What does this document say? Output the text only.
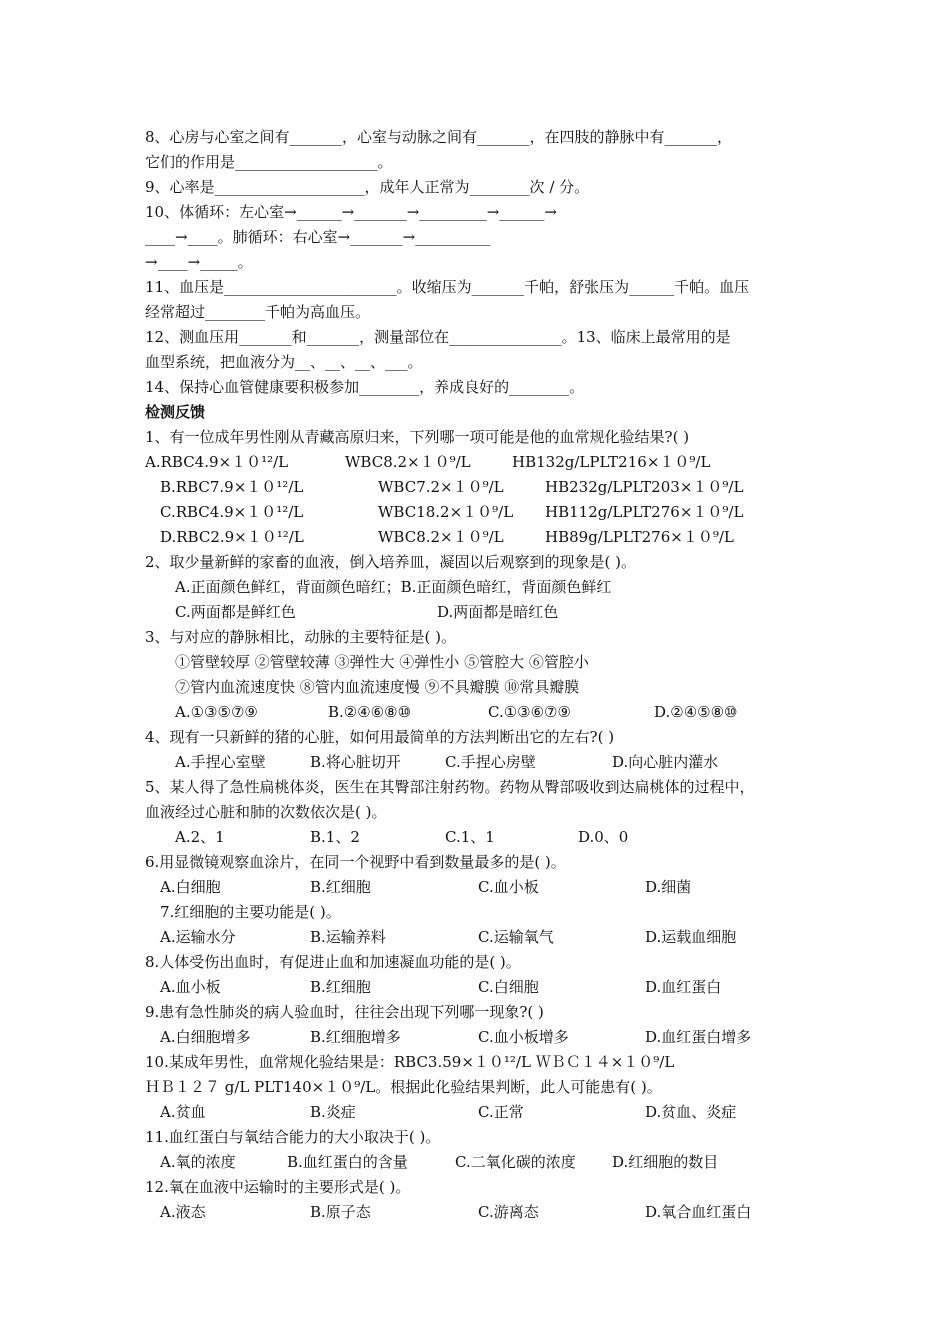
8、心房与心室之间有_______，心室与动脉之间有_______，在四肢的静脉中有_______，
它们的作用是___________________。
9、心率是____________________，成年人正常为________次 / 分。
10、体循环：左心室→______→_______→_________→______→
____→____。肺循环：右心室→_______→__________
→____→_____。
11、血压是_______________________。收缩压为_______千帕，舒张压为______千帕。血压
经常超过________千帕为高血压。
12、测血压用_______和_______，测量部位在_______________。13、临床上最常用的是
血型系统，把血液分为__、__、__、___。
14、保持心血管健康要积极参加________，养成良好的________。
检测反馈
1、有一位成年男性刚从青藏高原归来，下列哪一项可能是他的血常规化验结果?( )
A.RBC4.9×１０¹²/L	WBC8.2×１０⁹/L	HB132g/LPLT216×１０⁹/L
B.RBC7.9×１０¹²/L	WBC7.2×１０⁹/L	HB232g/LPLT203×１０⁹/L
C.RBC4.9×１０¹²/L	WBC18.2×１０⁹/L HB112g/LPLT276×１０⁹/L
D.RBC2.9×１０¹²/L	WBC8.2×１０⁹/L	HB89g/LPLT276×１０⁹/L
2、取少量新鲜的家畜的血液，倒入培养皿，凝固以后观察到的现象是( )。
A.正面颜色鲜红，背面颜色暗红；B.正面颜色暗红，背面颜色鲜红
C.两面都是鲜红色	D.两面都是暗红色
3、与对应的静脉相比，动脉的主要特征是( )。
①管壁较厚 ②管壁较薄 ③弹性大 ④弹性小 ⑤管腔大 ⑥管腔小
⑦管内血流速度快 ⑧管内血流速度慢 ⑨不具瓣膜 ⑩常具瓣膜
A.①③⑤⑦⑨	B.②④⑥⑧⑩	C.①③⑥⑦⑨	D.②④⑤⑧⑩
4、现有一只新鲜的猪的心脏，如何用最简单的方法判断出它的左右?( )
A.手捏心室壁	B.将心脏切开	C.手捏心房壁	D.向心脏内灌水
5、某人得了急性扁桃体炎，医生在其臀部注射药物。药物从臀部吸收到达扁桃体的过程中，
血液经过心脏和肺的次数依次是( )。
A.2、1	B.1、2	C.1、1	D.0、0
6.用显微镜观察血涂片，在同一个视野中看到数量最多的是( )。
A.白细胞	B.红细胞	C.血小板	D.细菌
7.红细胞的主要功能是( )。
A.运输水分	B.运输养料	C.运输氧气	D.运载血细胞
8.人体受伤出血时，有促进止血和加速凝血功能的是( )。
A.血小板	B.红细胞	C.白细胞	D.血红蛋白
9.患有急性肺炎的病人验血时，往往会出现下列哪一现象?( )
A.白细胞增多	B.红细胞增多	C.血小板增多	D.血红蛋白增多
10.某成年男性，血常规化验结果是：RBC3.59×１０¹²/L ＷＢＣ１４×１０⁹/L
ＨＢ１２７ g/L PLT140×１０⁹/L。根据此化验结果判断，此人可能患有( )。
A.贫血	B.炎症	C.正常	D.贫血、炎症
11.血红蛋白与氧结合能力的大小取决于( )。
A.氧的浓度	B.血红蛋白的含量	C.二氧化碳的浓度 D.红细胞的数目
12.氧在血液中运输时的主要形式是( )。
A.液态	B.原子态	C.游离态	D.氧合血红蛋白
